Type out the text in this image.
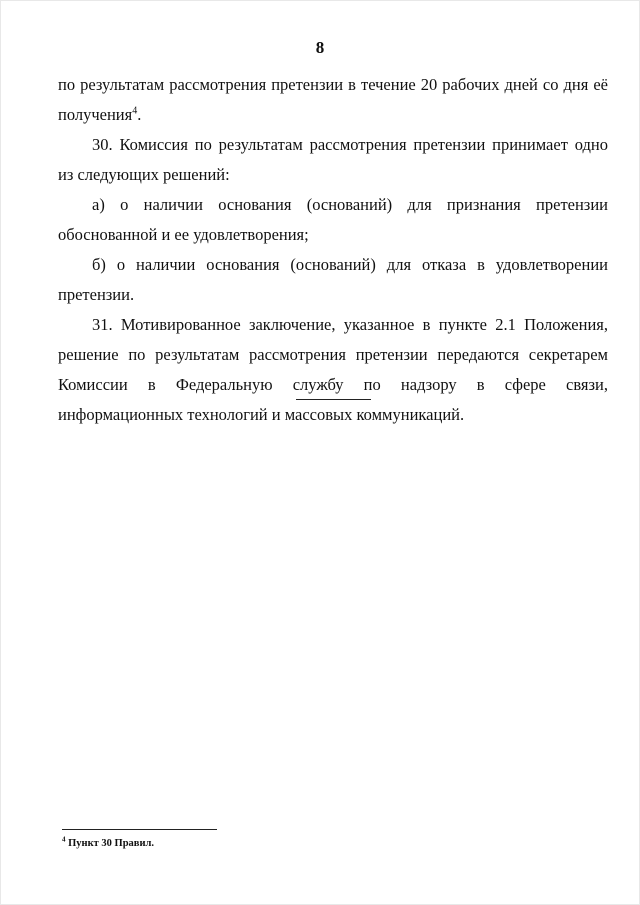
8

по результатам рассмотрения претензии в течение 20 рабочих дней со дня её получения$^4$.

30. Комиссия по результатам рассмотрения претензии принимает одно из следующих решений:

а) о наличии основания (оснований) для признания претензии обоснованной и ее удовлетворения;

б) о наличии основания (оснований) для отказа в удовлетворении претензии.

31. Мотивированное заключение, указанное в пункте 2.1 Положения, решение по результатам рассмотрения претензии передаются секретарем Комиссии в Федеральную службу по надзору в сфере связи, информационных технологий и массовых коммуникаций.

$^4$ Пункт 30 Правил.
